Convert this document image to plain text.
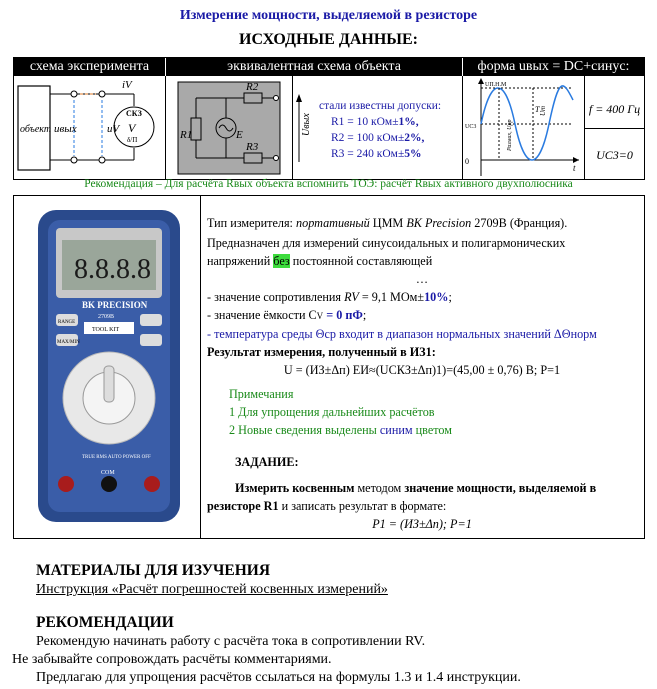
Измерение мощности, выделяемой в резисторе
ИСХОДНЫЕ ДАННЫЕ:
схема эксперимента	эквивалентная схема объекта	форма uвых = DC+синус:
объект uвых	uV
iV
СКЗ
V
δ/П	R1
R2
R3
E	Uвых
стали известны допуски:
R1 = 10 кОм±1%,
R2 = 100 кОм±2%,
R3 = 240 кОм±5%
0
UП.Н.М
UС3
T
t
Размах, Upp
Um	f = 400 Гц
UС3=0
Рекомендация – Для расчёта Rвых объекта вспомнить ТОЭ: расчёт Rвых активного двухполюсника
8.8.8.8
BK PRECISION
RANGE
MAX/MIN
2709B
TOOL KIT
TRUE RMS AUTO POWER OFF
COM
Тип измерителя: портативный ЦММ BK Precision 2709B (Франция).
Предназначен для измерений синусоидальных и полигармонических
напряжений без постоянной составляющей
…
- значение сопротивления RV = 9,1 МОм±10%;
- значение ёмкости СV = 0 пФ;
- температура среды Θср входит в диапазон нормальных значений ΔΘнорм
Результат измерения, полученный в ИЗ1:
U = (ИЗ±Δп) ЕИ≈(UСКЗ±Δп)1)=(45,00 ± 0,76) В; P=1
Примечания
1 Для упрощения дальнейших расчётов
2 Новые сведения выделены синим цветом
ЗАДАНИЕ:
Измерить косвенным методом значение мощности, выделяемой в
резисторе R1 и записать результат в формате:
P1 = (ИЗ±Δп); P=1
МАТЕРИАЛЫ ДЛЯ ИЗУЧЕНИЯ
Инструкция «Расчёт погрешностей косвенных измерений»
РЕКОМЕНДАЦИИ
Рекомендую начинать работу с расчёта тока в сопротивлении RV.
Не забывайте сопровождать расчёты комментариями.
Предлагаю для упрощения расчётов ссылаться на формулы 1.3 и 1.4 инструкции.
